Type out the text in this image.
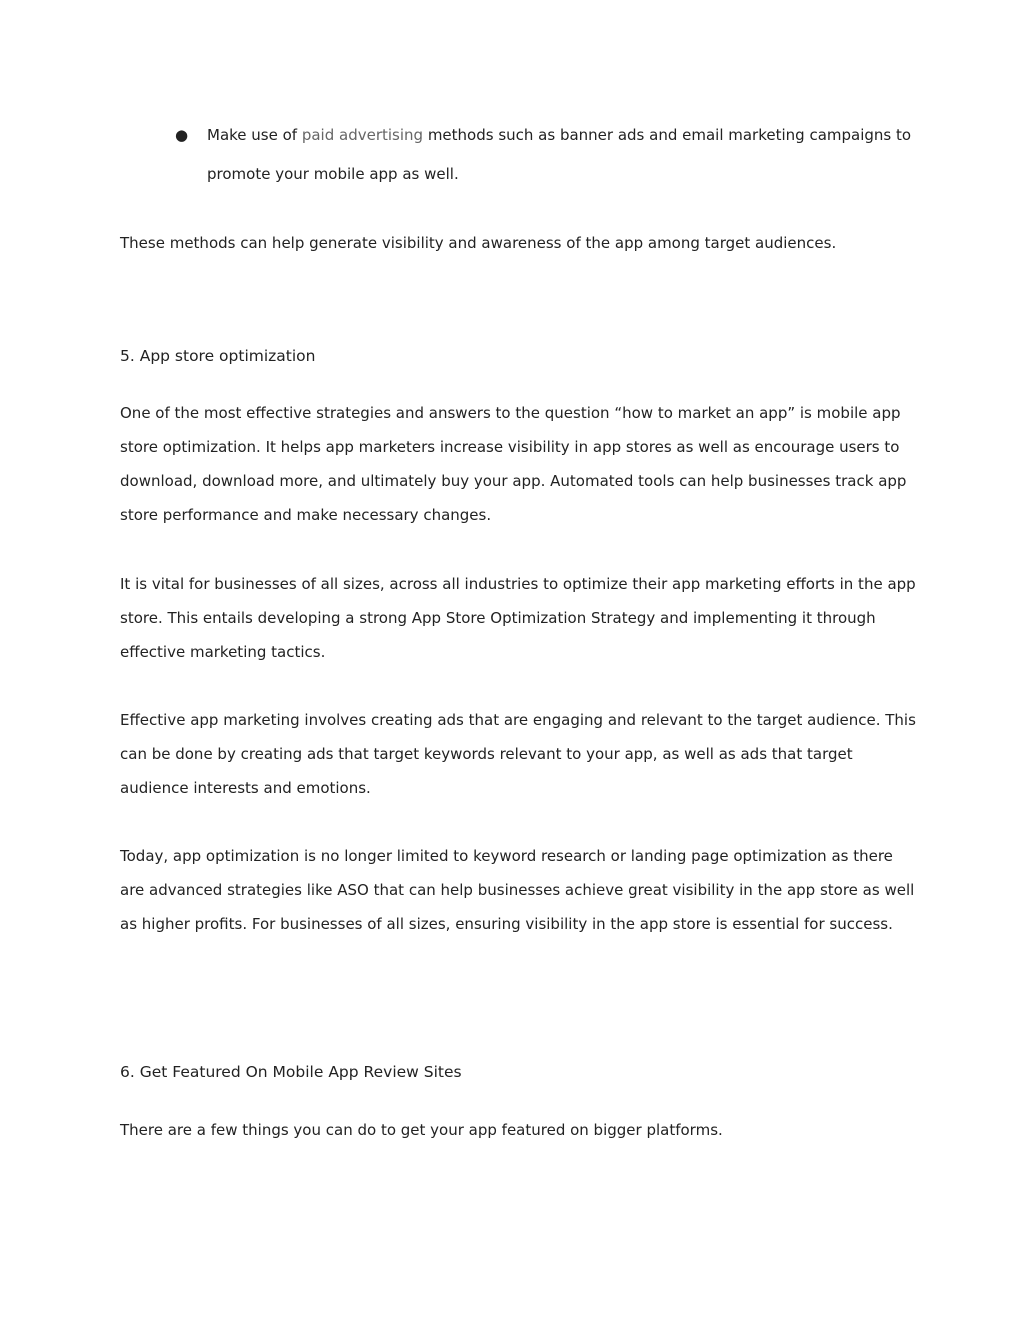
● Make use of paid advertising methods such as banner ads and email marketing campaigns to promote your mobile app as well.

These methods can help generate visibility and awareness of the app among target audiences.

5. App store optimization

One of the most effective strategies and answers to the question “how to market an app” is mobile app store optimization. It helps app marketers increase visibility in app stores as well as encourage users to download, download more, and ultimately buy your app. Automated tools can help businesses track app store performance and make necessary changes.

It is vital for businesses of all sizes, across all industries to optimize their app marketing efforts in the app store. This entails developing a strong App Store Optimization Strategy and implementing it through effective marketing tactics.

Effective app marketing involves creating ads that are engaging and relevant to the target audience. This can be done by creating ads that target keywords relevant to your app, as well as ads that target audience interests and emotions.

Today, app optimization is no longer limited to keyword research or landing page optimization as there are advanced strategies like ASO that can help businesses achieve great visibility in the app store as well as higher profits. For businesses of all sizes, ensuring visibility in the app store is essential for success.

6. Get Featured On Mobile App Review Sites

There are a few things you can do to get your app featured on bigger platforms.
